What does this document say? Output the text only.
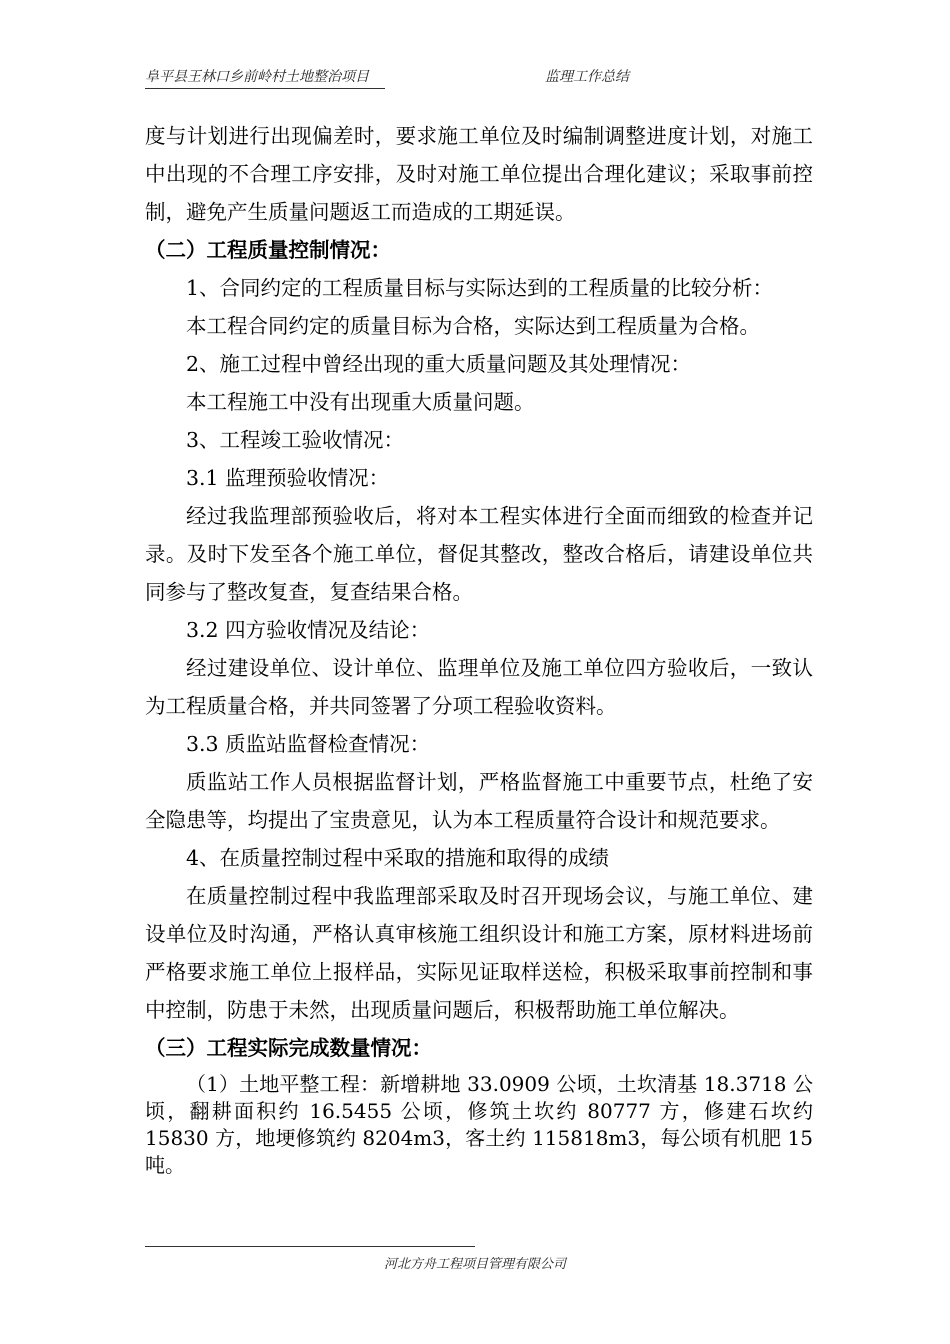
阜平县王林口乡前岭村土地整治项目	监理工作总结

度与计划进行出现偏差时，要求施工单位及时编制调整进度计划，对施工中出现的不合理工序安排，及时对施工单位提出合理化建议；采取事前控制，避免产生质量问题返工而造成的工期延误。

（二）工程质量控制情况：

1、合同约定的工程质量目标与实际达到的工程质量的比较分析：

本工程合同约定的质量目标为合格，实际达到工程质量为合格。

2、施工过程中曾经出现的重大质量问题及其处理情况：

本工程施工中没有出现重大质量问题。

3、工程竣工验收情况：

3.1 监理预验收情况：

经过我监理部预验收后，将对本工程实体进行全面而细致的检查并记录。及时下发至各个施工单位，督促其整改，整改合格后，请建设单位共同参与了整改复查，复查结果合格。

3.2 四方验收情况及结论：

经过建设单位、设计单位、监理单位及施工单位四方验收后，一致认为工程质量合格，并共同签署了分项工程验收资料。

3.3 质监站监督检查情况：

质监站工作人员根据监督计划，严格监督施工中重要节点，杜绝了安全隐患等，均提出了宝贵意见，认为本工程质量符合设计和规范要求。

4、在质量控制过程中采取的措施和取得的成绩

在质量控制过程中我监理部采取及时召开现场会议，与施工单位、建设单位及时沟通，严格认真审核施工组织设计和施工方案，原材料进场前严格要求施工单位上报样品，实际见证取样送检，积极采取事前控制和事中控制，防患于未然，出现质量问题后，积极帮助施工单位解决。

（三）工程实际完成数量情况：

（1）土地平整工程：新增耕地 33.0909 公顷，土坎清基 18.3718 公顷，翻耕面积约 16.5455 公顷，修筑土坎约 80777 方，修建石坎约 15830 方，地埂修筑约 8204m3，客土约 115818m3，每公顷有机肥 15 吨。

河北方舟工程项目管理有限公司
